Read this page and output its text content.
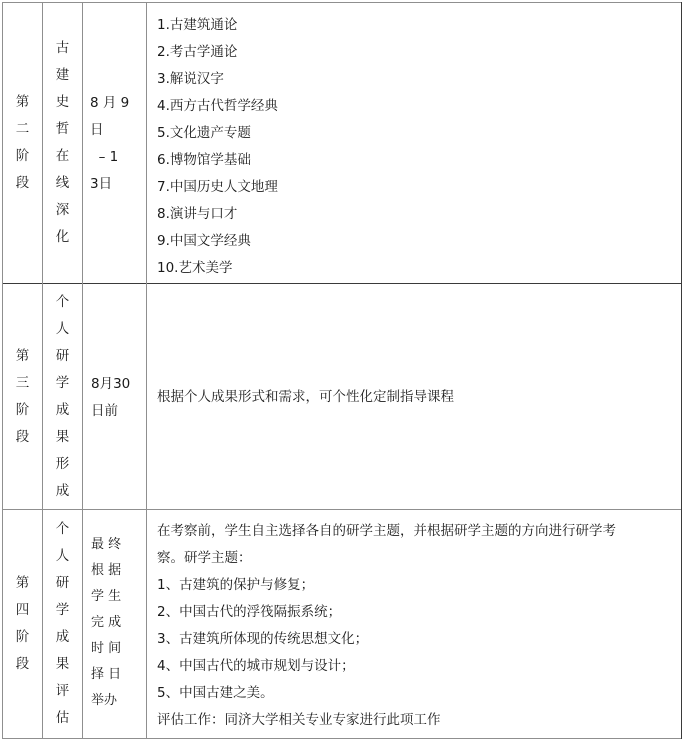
第
二
阶
段
古
建
史
哲
在
线
深
化
8 月 9
日
– 1
3日
1.古建筑通论
2.考古学通论
3.解说汉字
4.西方古代哲学经典
5.文化遗产专题
6.博物馆学基础
7.中国历史人文地理
8.演讲与口才
9.中国文学经典
10.艺术美学
第
三
阶
段
个
人
研
学
成
果
形
成
8月30
日前
根据个人成果形式和需求，可个性化定制指导课程
第
四
阶
段
个
人
研
学
成
果
评
估
最 终
根 据
学 生
完 成
时 间
择 日
举办
在考察前，学生自主选择各自的研学主题，并根据研学主题的方向进行研学考
察。研学主题：
1、古建筑的保护与修复；
2、中国古代的浮筏隔振系统；
3、古建筑所体现的传统思想文化；
4、中国古代的城市规划与设计；
5、中国古建之美。
评估工作：同济大学相关专业专家进行此项工作
